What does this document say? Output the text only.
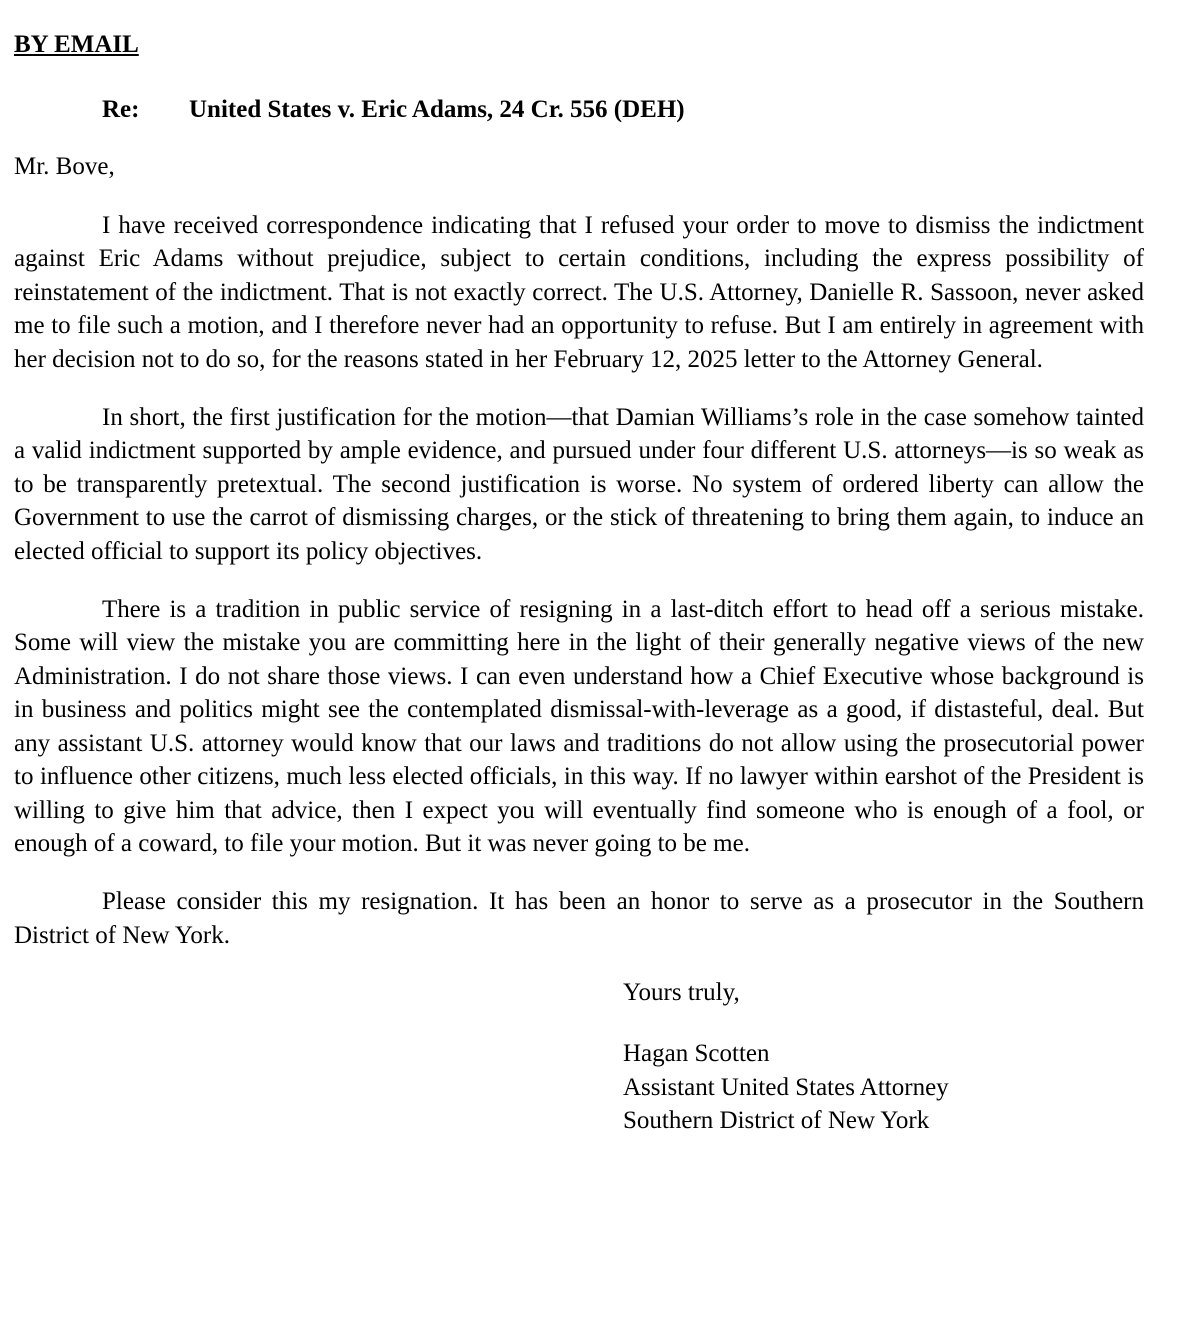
BY EMAIL

Re: United States v. Eric Adams, 24 Cr. 556 (DEH)

Mr. Bove,

I have received correspondence indicating that I refused your order to move to dismiss the indictment against Eric Adams without prejudice, subject to certain conditions, including the express possibility of reinstatement of the indictment. That is not exactly correct. The U.S. Attorney, Danielle R. Sassoon, never asked me to file such a motion, and I therefore never had an opportunity to refuse. But I am entirely in agreement with her decision not to do so, for the reasons stated in her February 12, 2025 letter to the Attorney General.

In short, the first justification for the motion—that Damian Williams’s role in the case somehow tainted a valid indictment supported by ample evidence, and pursued under four different U.S. attorneys—is so weak as to be transparently pretextual. The second justification is worse. No system of ordered liberty can allow the Government to use the carrot of dismissing charges, or the stick of threatening to bring them again, to induce an elected official to support its policy objectives.

There is a tradition in public service of resigning in a last-ditch effort to head off a serious mistake. Some will view the mistake you are committing here in the light of their generally negative views of the new Administration. I do not share those views. I can even understand how a Chief Executive whose background is in business and politics might see the contemplated dismissal-with-leverage as a good, if distasteful, deal. But any assistant U.S. attorney would know that our laws and traditions do not allow using the prosecutorial power to influence other citizens, much less elected officials, in this way. If no lawyer within earshot of the President is willing to give him that advice, then I expect you will eventually find someone who is enough of a fool, or enough of a coward, to file your motion. But it was never going to be me.

Please consider this my resignation. It has been an honor to serve as a prosecutor in the Southern District of New York.

Yours truly,

Hagan Scotten
Assistant United States Attorney
Southern District of New York
